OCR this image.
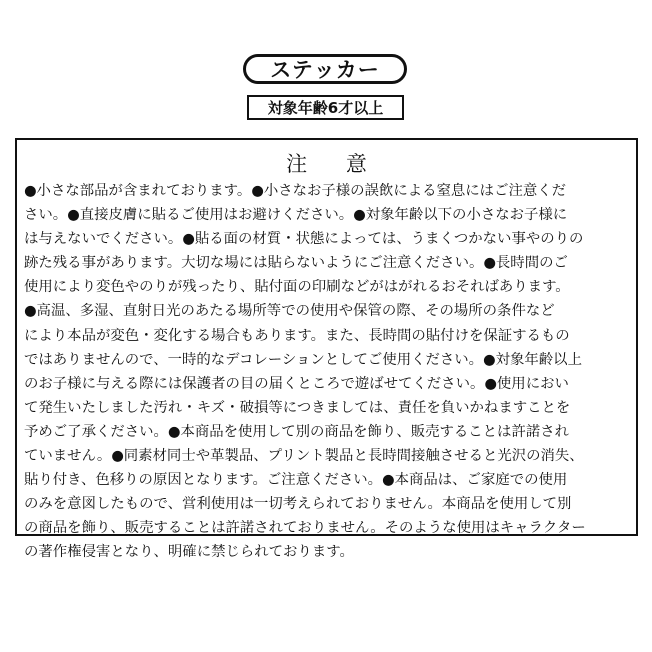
ステッカー
対象年齢6才以上
注 意
●小さな部品が含まれております。●小さなお子様の誤飲による窒息にはご注意くだ
さい。●直接皮膚に貼るご使用はお避けください。●対象年齢以下の小さなお子様に
は与えないでください。●貼る面の材質・状態によっては、うまくつかない事やのりの
跡た残る事があります。大切な場には貼らないようにご注意ください。●長時間のご
使用により変色やのりが残ったり、貼付面の印刷などがはがれるおそればあります。
●高温、多湿、直射日光のあたる場所等での使用や保管の際、その場所の条件など
により本品が変色・変化する場合もあります。また、長時間の貼付けを保証するもの
ではありませんので、一時的なデコレーションとしてご使用ください。●対象年齢以上
のお子様に与える際には保護者の目の届くところで遊ばせてください。●使用におい
て発生いたしました汚れ・キズ・破損等につきましては、責任を負いかねますことを
予めご了承ください。●本商品を使用して別の商品を飾り、販売することは許諾され
ていません。●同素材同士や革製品、プリント製品と長時間接触させると光沢の消失、
貼り付き、色移りの原因となります。ご注意ください。●本商品は、ご家庭での使用
のみを意図したもので、営利使用は一切考えられておりません。本商品を使用して別
の商品を飾り、販売することは許諾されておりません。そのような使用はキャラクター
の著作権侵害となり、明確に禁じられております。
